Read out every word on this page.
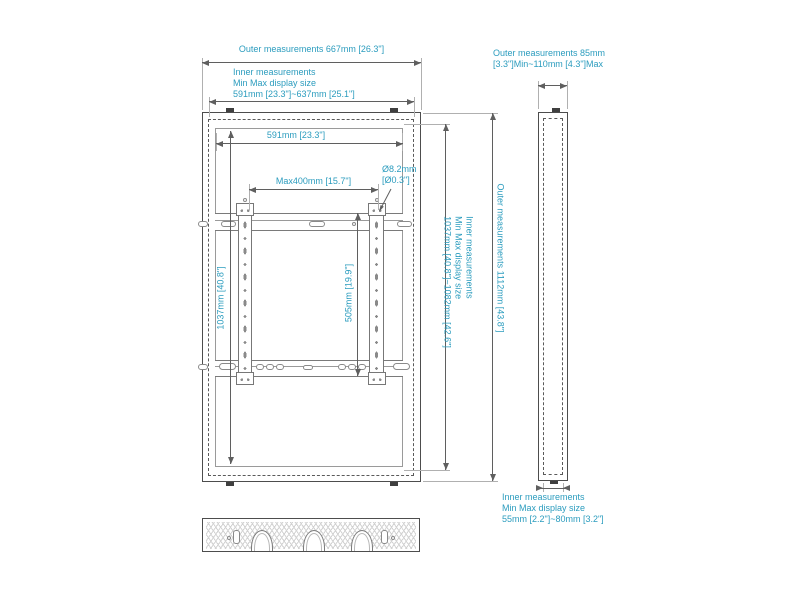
Outer measurements 667mm [26.3"]
Inner measurements
Min Max display size
591mm [23.3"]~637mm [25.1"]
591mm [23.3"]
Max400mm [15.7"]
Ø8.2mm
[Ø0.3"]
1037mm [40.8"]	505mm [19.9"]	Inner measurements
Min Max display size
1037mm [40.8"]~1082mm [42.6"]	Outer measurements 1112mm [43.8"]
Outer measurements 85mm
[3.3"]Min~110mm [4.3"]Max
Inner measurements
Min Max display size
55mm [2.2"]~80mm [3.2"]
